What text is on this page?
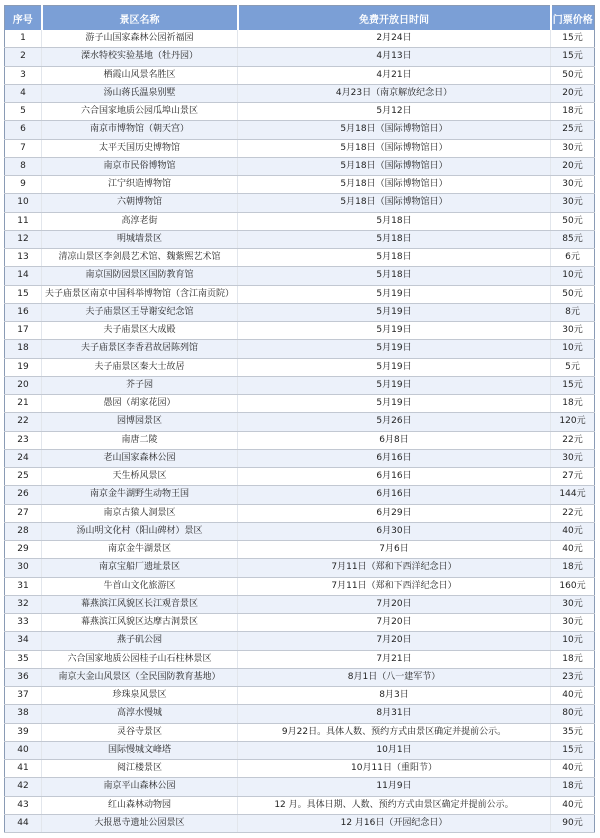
序号	景区名称	免费开放日时间	门票价格
1	游子山国家森林公园祈福园	2月24日	15元
2	溧水特校实验基地（牡丹园）	4月13日	15元
3	栖霞山风景名胜区	4月21日	50元
4	汤山蒋氏温泉别墅	4月23日（南京解放纪念日）	20元
5	六合国家地质公园瓜埠山景区	5月12日	18元
6	南京市博物馆（朝天宫）	5月18日（国际博物馆日）	25元
7	太平天国历史博物馆	5月18日（国际博物馆日）	30元
8	南京市民俗博物馆	5月18日（国际博物馆日）	20元
9	江宁织造博物馆	5月18日（国际博物馆日）	30元
10	六朝博物馆	5月18日（国际博物馆日）	30元
11	高淳老街	5月18日	50元
12	明城墙景区	5月18日	85元
13	清凉山景区李剑晨艺术馆、魏紫熙艺术馆	5月18日	6元
14	南京国防园景区国防教育馆	5月18日	10元
15	夫子庙景区南京中国科举博物馆（含江南贡院）	5月19日	50元
16	夫子庙景区王导谢安纪念馆	5月19日	8元
17	夫子庙景区大成殿	5月19日	30元
18	夫子庙景区李香君故居陈列馆	5月19日	10元
19	夫子庙景区秦大士故居	5月19日	5元
20	芥子园	5月19日	15元
21	愚园（胡家花园）	5月19日	18元
22	园博园景区	5月26日	120元
23	南唐二陵	6月8日	22元
24	老山国家森林公园	6月16日	30元
25	天生桥风景区	6月16日	27元
26	南京金牛湖野生动物王国	6月16日	144元
27	南京古猿人洞景区	6月29日	22元
28	汤山明文化村（阳山碑材）景区	6月30日	40元
29	南京金牛湖景区	7月6日	40元
30	南京宝船厂遗址景区	7月11日（郑和下西洋纪念日）	18元
31	牛首山文化旅游区	7月11日（郑和下西洋纪念日）	160元
32	幕燕滨江风貌区长江观音景区	7月20日	30元
33	幕燕滨江风貌区达摩古洞景区	7月20日	30元
34	燕子矶公园	7月20日	10元
35	六合国家地质公园桂子山石柱林景区	7月21日	18元
36	南京大金山风景区（全民国防教育基地）	8月1日（八一建军节）	23元
37	珍珠泉风景区	8月3日	40元
38	高淳水慢城	8月31日	80元
39	灵谷寺景区	9月22日。具体人数、预约方式由景区确定并提前公示。	35元
40	国际慢城文峰塔	10月1日	15元
41	阅江楼景区	10月11日（重阳节）	40元
42	南京平山森林公园	11月9日	18元
43	红山森林动物园	12 月。具体日期、人数、预约方式由景区确定并提前公示。	40元
44	大报恩寺遗址公园景区	12 月16日（开园纪念日）	90元
